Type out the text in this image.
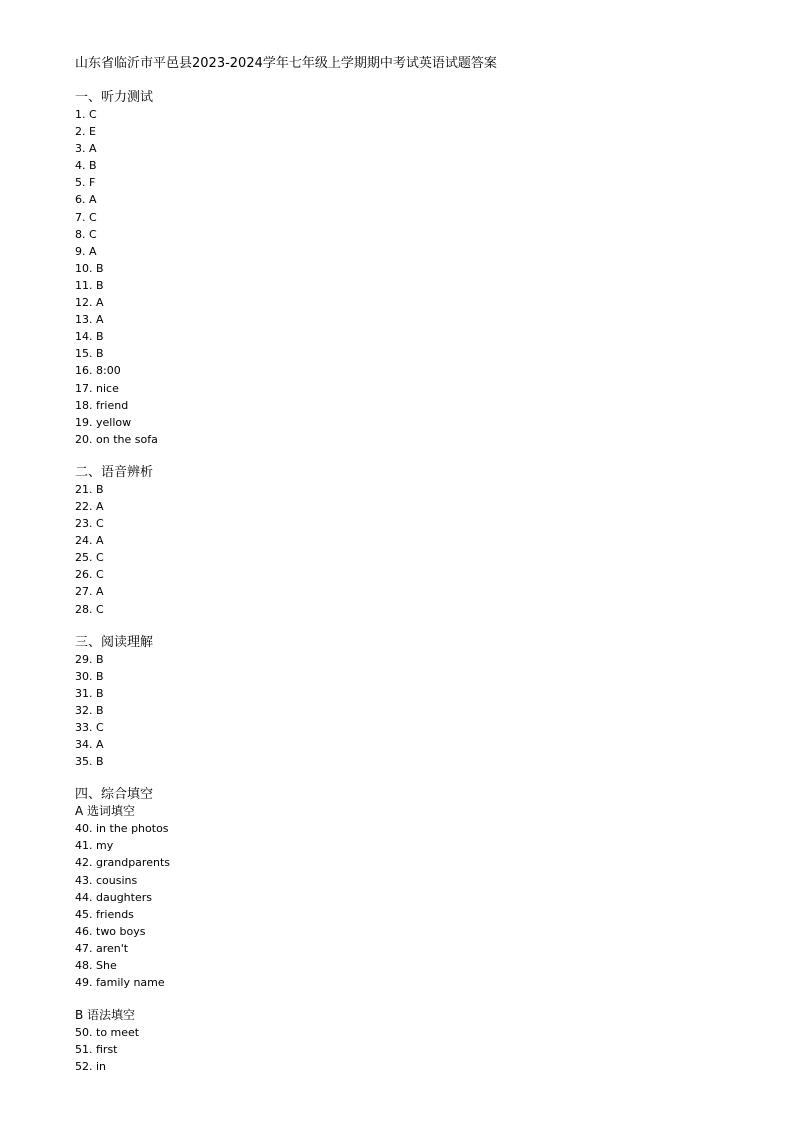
山东省临沂市平邑县2023-2024学年七年级上学期期中考试英语试题答案
一、听力测试
1. C
2. E
3. A
4. B
5. F
6. A
7. C
8. C
9. A
10. B
11. B
12. A
13. A
14. B
15. B
16. 8:00
17. nice
18. friend
19. yellow
20. on the sofa
二、语音辨析
21. B
22. A
23. C
24. A
25. C
26. C
27. A
28. C
三、阅读理解
29. B
30. B
31. B
32. B
33. C
34. A
35. B
四、综合填空
A 选词填空
40. in the photos
41. my
42. grandparents
43. cousins
44. daughters
45. friends
46. two boys
47. aren't
48. She
49. family name
B 语法填空
50. to meet
51. first
52. in
